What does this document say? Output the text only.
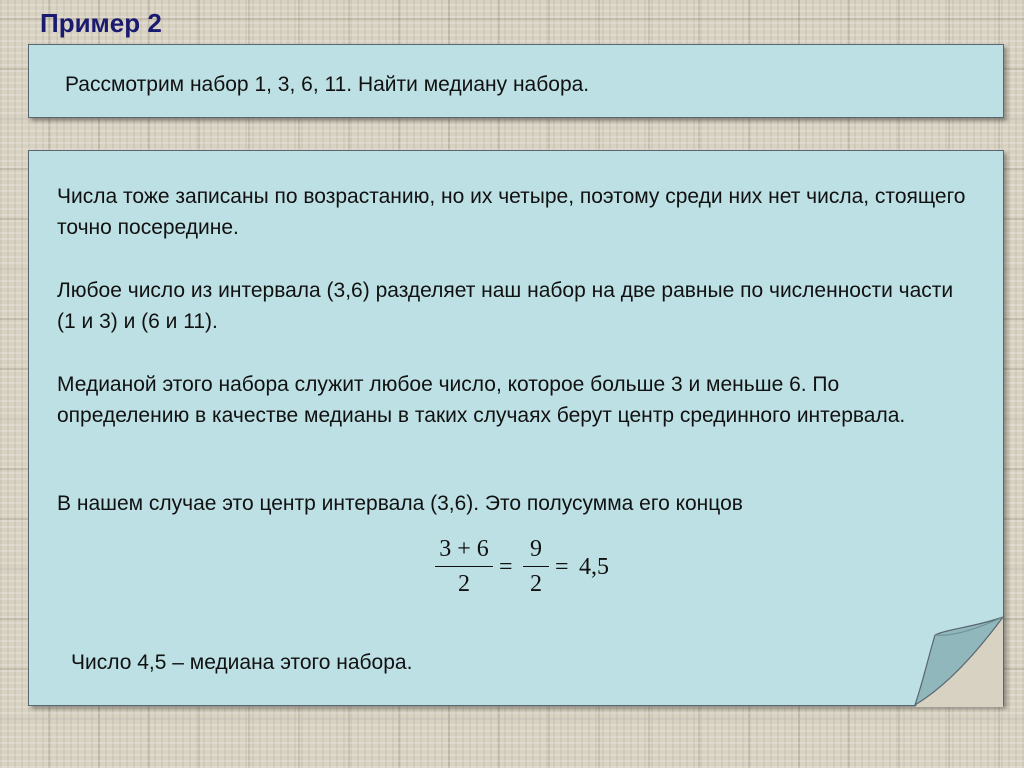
Пример 2

Рассмотрим набор 1, 3, 6, 11. Найти медиану набора.

Числа тоже записаны по возрастанию, но их четыре, поэтому среди них нет числа, стоящего точно посередине.

Любое число из интервала (3,6) разделяет наш набор на две равные по численности части (1 и 3) и (6 и 11).

Медианой этого набора служит любое число, которое больше 3 и меньше 6. По определению в качестве медианы в таких случаях берут центр срединного интервала.

В нашем случае это центр интервала (3,6). Это полусумма его концов

3 + 6
2
=
9
2
= 4,5

Число 4,5 – медиана этого набора.
